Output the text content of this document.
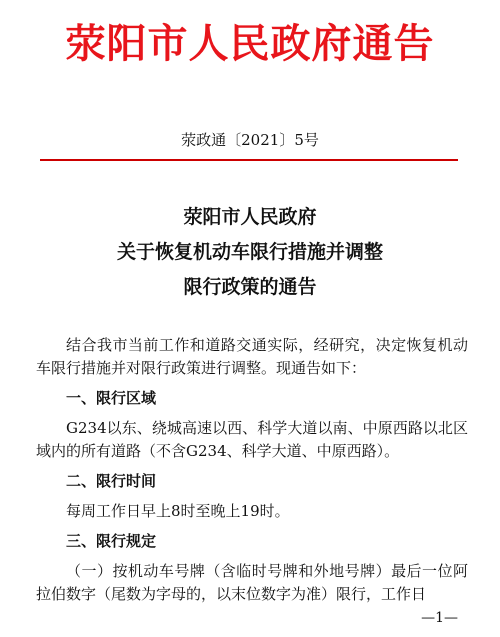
荥阳市人民政府通告
荥政通〔2021〕5号
荥阳市人民政府
关于恢复机动车限行措施并调整
限行政策的通告

结合我市当前工作和道路交通实际，经研究，决定恢复机动车限行措施并对限行政策进行调整。现通告如下：

一、限行区域

G234以东、绕城高速以西、科学大道以南、中原西路以北区域内的所有道路（不含G234、科学大道、中原西路）。

二、限行时间

每周工作日早上8时至晚上19时。

三、限行规定

（一）按机动车号牌（含临时号牌和外地号牌）最后一位阿拉伯数字（尾数为字母的，以末位数字为准）限行，工作日

—1—
